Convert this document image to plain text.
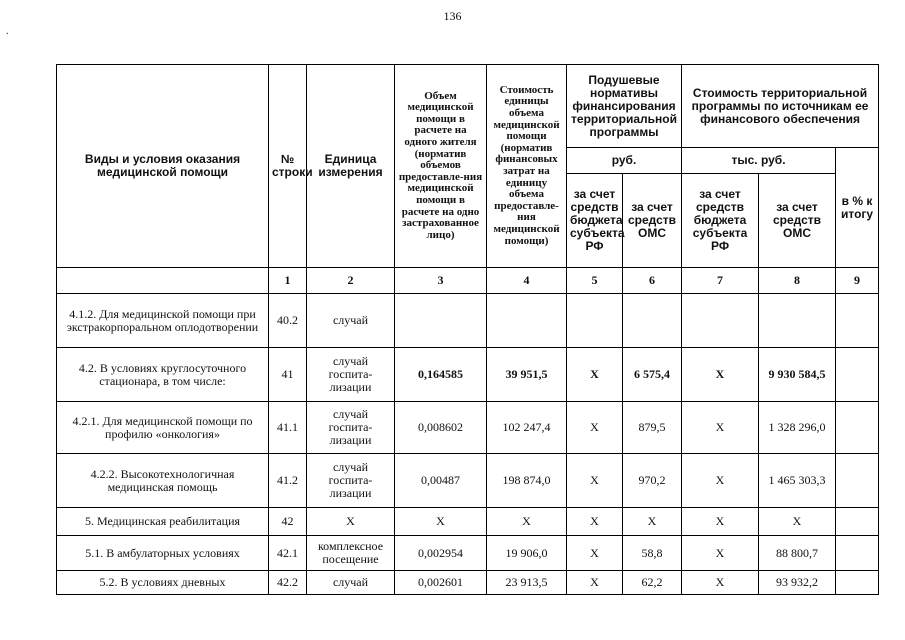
136
.
Виды и условия оказания медицинской помощи	№ строки	Единица измерения	Объем медицинской помощи в расчете на одного жителя (норматив объемов предоставле-ния медицинской помощи в расчете на одно застрахованное лицо)	Стоимость единицы объема медицинской помощи (норматив финансовых затрат на единицу объема предоставле-ния медицинской помощи)	Подушевые нормативы финансирования территориальной программы		Стоимость территориальной программы по источникам ее финансового обеспечения		
					руб.		тыс. руб.		в % к итогу
					за счет средств бюджета субъекта РФ	за счет средств ОМС	за счет средств бюджета субъекта РФ	за счет средств ОМС	
	1	2	3	4	5	6	7	8	9
4.1.2. Для медицинской помощи при экстракорпоральном оплодотворении	40.2	случай							
4.2. В условиях круглосуточного стационара, в том числе:	41	случай госпита-лизации	0,164585	39 951,5	Х	6 575,4	Х	9 930 584,5	
4.2.1. Для медицинской помощи по профилю «онкология»	41.1	случай госпита-лизации	0,008602	102 247,4	Х	879,5	Х	1 328 296,0	
4.2.2. Высокотехнологичная медицинская помощь	41.2	случай госпита-лизации	0,00487	198 874,0	Х	970,2	Х	1 465 303,3	
5. Медицинская реабилитация	42	Х	Х	Х	Х	Х	Х	Х	
5.1. В амбулаторных условиях	42.1	комплексное посещение	0,002954	19 906,0	Х	58,8	Х	88 800,7	
5.2. В условиях дневных	42.2	случай	0,002601	23 913,5	Х	62,2	Х	93 932,2	
